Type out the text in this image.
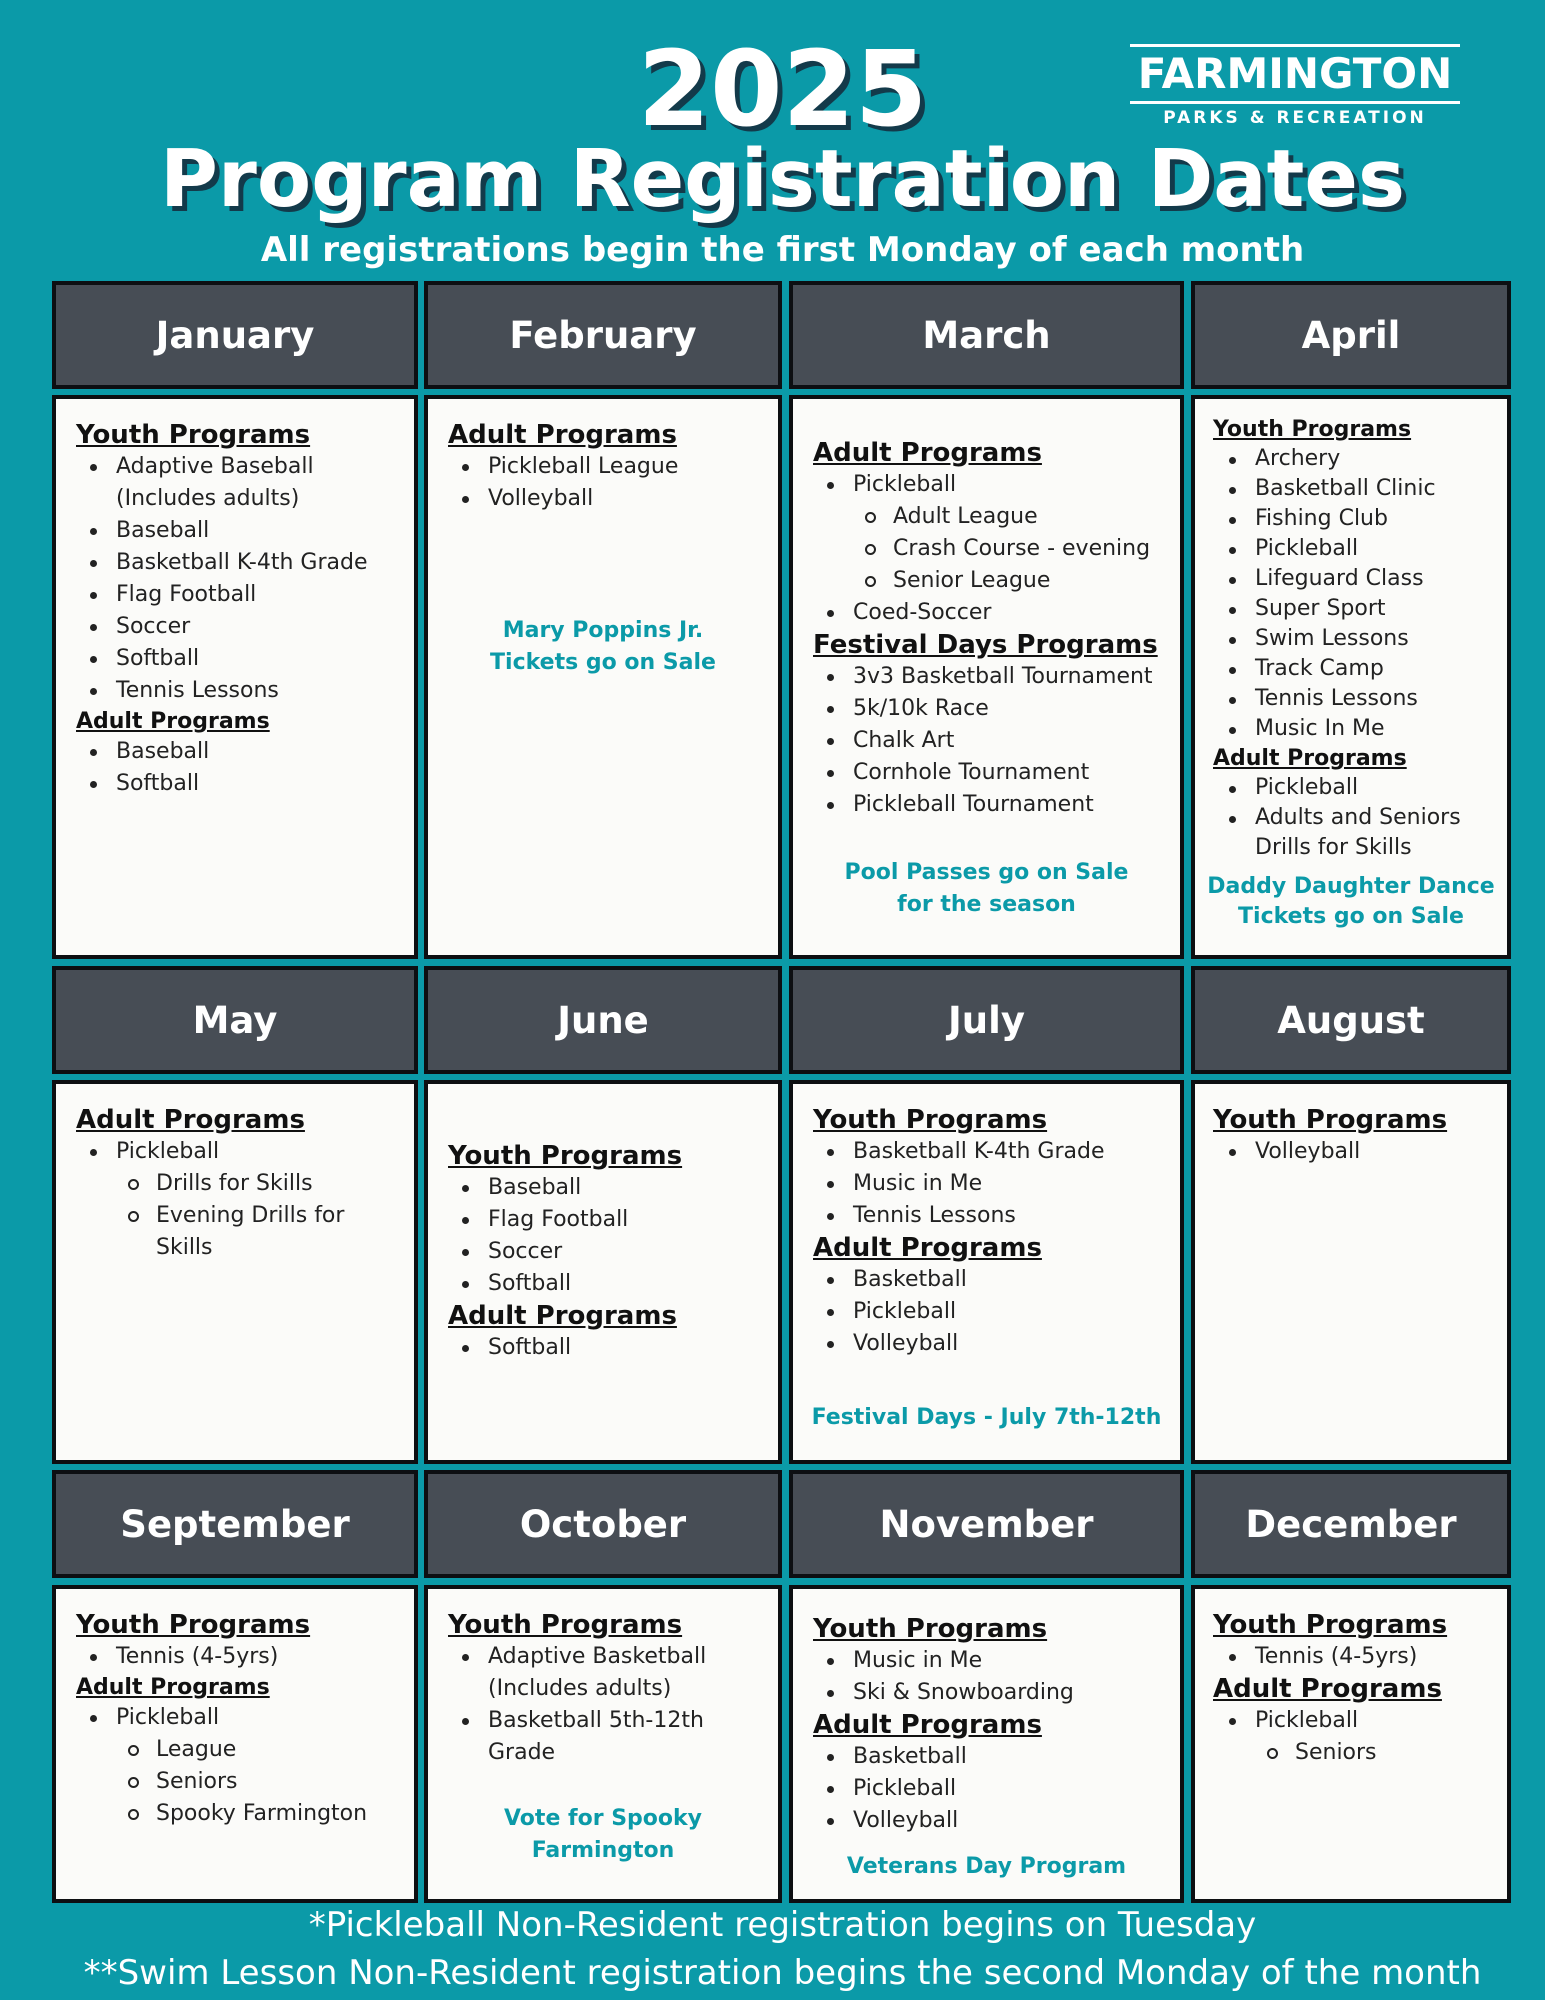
2025
Program Registration Dates
All registrations begin the first Monday of each month
FARMINGTON
PARKS & RECREATION
January	February	March	April
Youth Programs
Adaptive Baseball (Includes adults)
Baseball
Basketball K-4th Grade
Flag Football
Soccer
Softball
Tennis Lessons
Adult Programs
Baseball
Softball
Adult Programs
Pickleball League
Volleyball
Mary Poppins Jr.
Tickets go on Sale
Adult Programs
Pickleball
Adult League
Crash Course - evening
Senior League
Coed-Soccer
Festival Days Programs
3v3 Basketball Tournament
5k/10k Race
Chalk Art
Cornhole Tournament
Pickleball Tournament
Pool Passes go on Sale
for the season
Youth Programs
Archery
Basketball Clinic
Fishing Club
Pickleball
Lifeguard Class
Super Sport
Swim Lessons
Track Camp
Tennis Lessons
Music In Me
Adult Programs
Pickleball
Adults and Seniors Drills for Skills
Daddy Daughter Dance
Tickets go on Sale
May	June	July	August
Adult Programs
Pickleball
Drills for Skills
Evening Drills for Skills
Youth Programs
Baseball
Flag Football
Soccer
Softball
Adult Programs
Softball
Youth Programs
Basketball K-4th Grade
Music in Me
Tennis Lessons
Adult Programs
Basketball
Pickleball
Volleyball
Festival Days - July 7th-12th
Youth Programs
Volleyball
September	October	November	December
Youth Programs
Tennis (4-5yrs)
Adult Programs
Pickleball
League
Seniors
Spooky Farmington
Youth Programs
Adaptive Basketball (Includes adults)
Basketball 5th-12th Grade
Vote for Spooky
Farmington
Youth Programs
Music in Me
Ski & Snowboarding
Adult Programs
Basketball
Pickleball
Volleyball
Veterans Day Program
Youth Programs
Tennis (4-5yrs)
Adult Programs
Pickleball
Seniors
*Pickleball Non-Resident registration begins on Tuesday
**Swim Lesson Non-Resident registration begins the second Monday of the month
